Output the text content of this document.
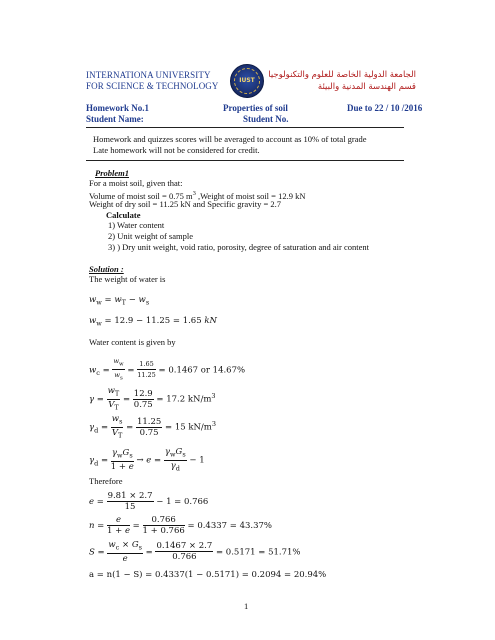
INTERNATIONA UNIVERSITY
FOR SCIENCE & TECHNOLOGY
IUST
الجامعة الدولية الخاصة للعلوم والتكنولوجيا
قسم الهندسة المدنية والبيئة
Homework No.1	Properties of soil	Due to 22 / 10 /2016
Student Name:	Student No.
Homework and quizzes scores will be averaged to account as 10% of total grade
Late homework will not be considered for credit.
Problem1
For a moist soil, given that:
Volume of moist soil = 0.75 $m^3$ ,Weight of moist soil = 12.9 kN
Weight of dry soil = 11.25 kN and Specific gravity = 2.7
Calculate
1) Water content
2) Unit weight of sample
3) ) Dry unit weight, void ratio, porosity, degree of saturation and air content
Solution :
The weight of water is
$w_w = w_T - w_s$
$w_w = 12.9 - 11.25 = 1.65$ kN
Water content is given by
$w_c = \frac{w_w}{w_s} = \frac{1.65}{11.25} = 0.1467$ or 14.67%
$\gamma = \frac{w_T}{V_T} = \frac{12.9}{0.75} = 17.2$ $kN/m^3$
$\gamma_d = \frac{w_s}{V_T} = \frac{11.25}{0.75} = 15$ $kN/m^3$
$\gamma_d = \frac{\gamma_wG_s}{1 + e} \to e = \frac{\gamma_wG_s}{\gamma_d} - 1$
Therefore
$e = \frac{9.81 \times 2.7}{15} - 1 = 0.766$
$n = \frac{e}{1 + e} = \frac{0.766}{1 + 0.766} = 0.4337 = 43.37\%$
$S = \frac{w_c \times G_s}{e} = \frac{0.1467 \times 2.7}{0.766} = 0.5171 = 51.71\%$
a = n(1 − S) = 0.4337(1 − 0.5171) = 0.2094 = 20.94%
1
